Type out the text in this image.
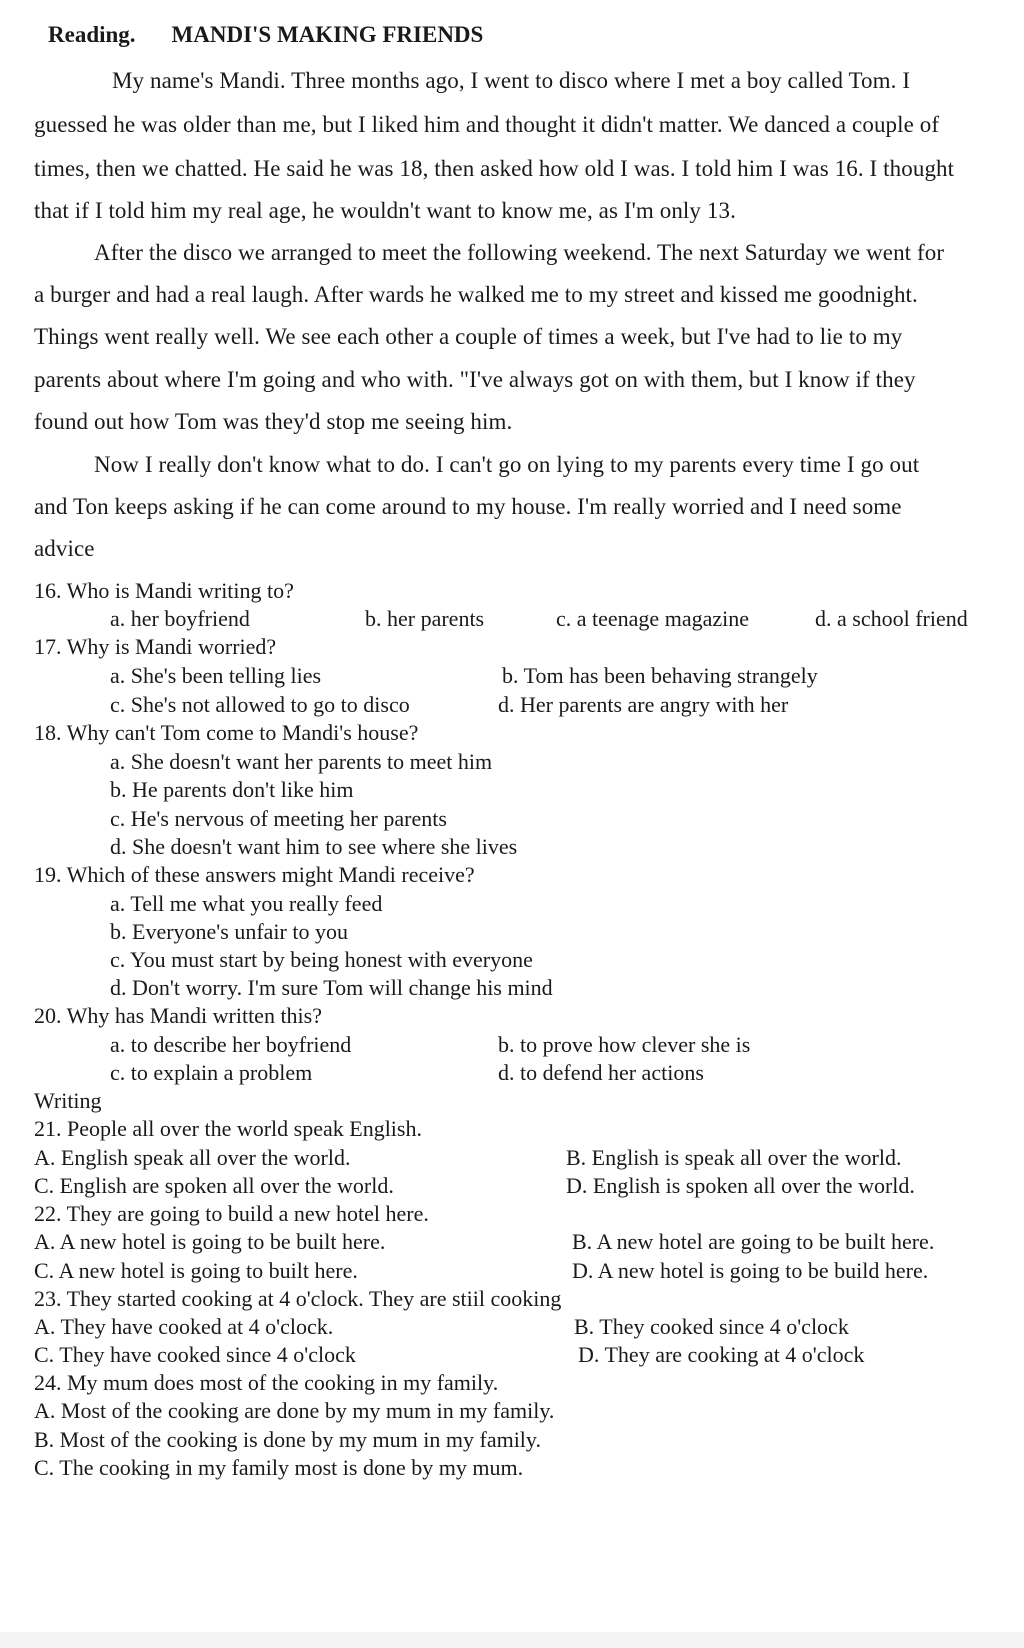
Reading. MANDI'S MAKING FRIENDS
My name's Mandi. Three months ago, I went to disco where I met a boy called Tom. I
guessed he was older than me, but I liked him and thought it didn't matter. We danced a couple of
times, then we chatted. He said he was 18, then asked how old I was. I told him I was 16. I thought
that if I told him my real age, he wouldn't want to know me, as I'm only 13.
After the disco we arranged to meet the following weekend. The next Saturday we went for
a burger and had a real laugh. After wards he walked me to my street and kissed me goodnight.
Things went really well. We see each other a couple of times a week, but I've had to lie to my
parents about where I'm going and who with. "I've always got on with them, but I know if they
found out how Tom was they'd stop me seeing him.
Now I really don't know what to do. I can't go on lying to my parents every time I go out
and Ton keeps asking if he can come around to my house. I'm really worried and I need some
advice
16. Who is Mandi writing to?
a. her boyfriend	b. her parents	c. a teenage magazine	d. a school friend
17. Why is Mandi worried?
a. She's been telling lies	b. Tom has been behaving strangely
c. She's not allowed to go to disco	d. Her parents are angry with her
18. Why can't Tom come to Mandi's house?
a. She doesn't want her parents to meet him
b. He parents don't like him
c. He's nervous of meeting her parents
d. She doesn't want him to see where she lives
19. Which of these answers might Mandi receive?
a. Tell me what you really feed
b. Everyone's unfair to you
c. You must start by being honest with everyone
d. Don't worry. I'm sure Tom will change his mind
20. Why has Mandi written this?
a. to describe her boyfriend	b. to prove how clever she is
c. to explain a problem	d. to defend her actions
Writing
21. People all over the world speak English.
A. English speak all over the world.	B. English is speak all over the world.
C. English are spoken all over the world.	D. English is spoken all over the world.
22. They are going to build a new hotel here.
A. A new hotel is going to be built here.	B. A new hotel are going to be built here.
C. A new hotel is going to built here.	D. A new hotel is going to be build here.
23. They started cooking at 4 o'clock. They are stiil cooking
A. They have cooked at 4 o'clock.	B. They cooked since 4 o'clock
C. They have cooked since 4 o'clock	D. They are cooking at 4 o'clock
24. My mum does most of the cooking in my family.
A. Most of the cooking are done by my mum in my family.
B. Most of the cooking is done by my mum in my family.
C. The cooking in my family most is done by my mum.
